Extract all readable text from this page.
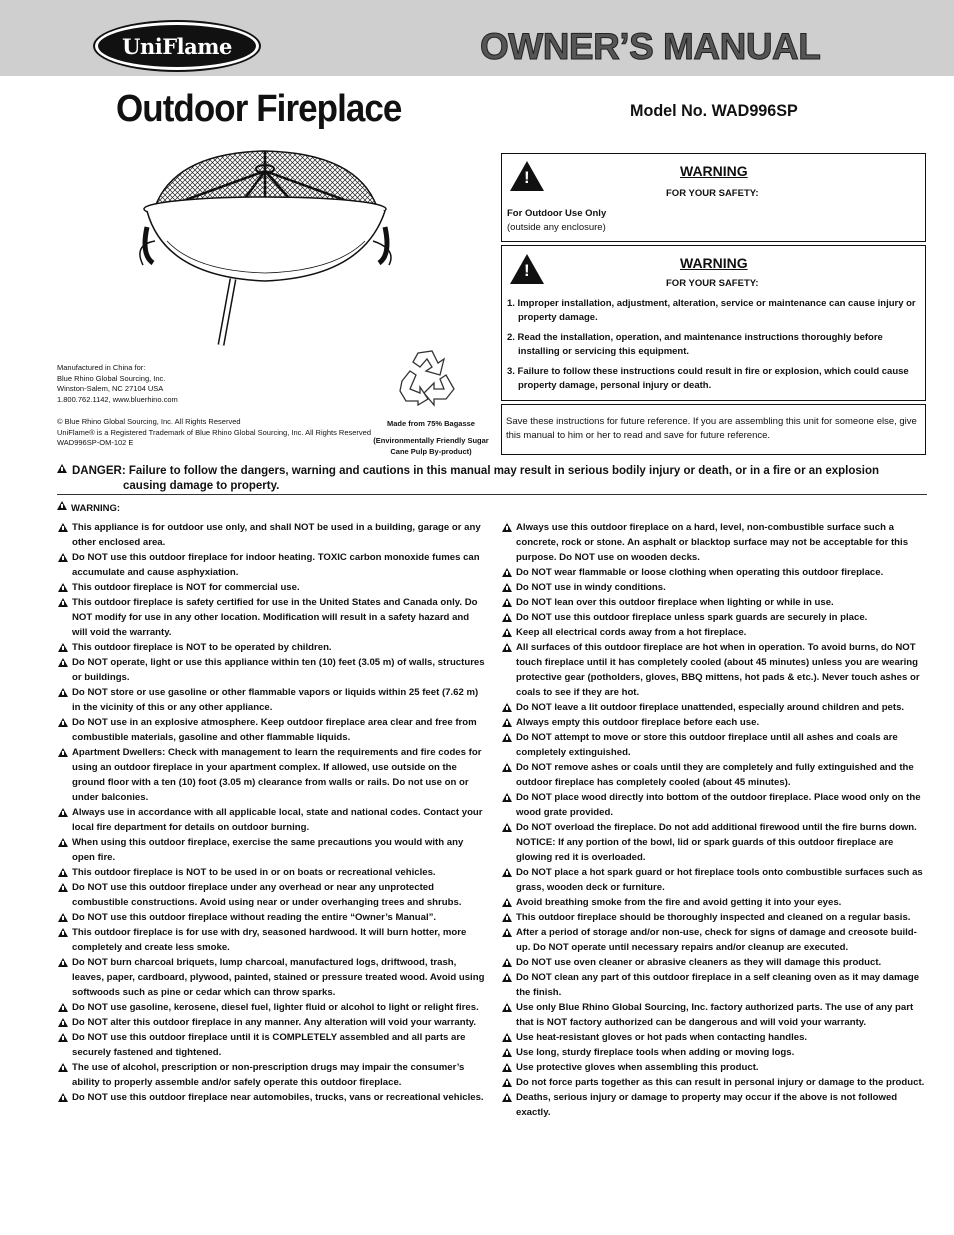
UniFlame	OWNER’S MANUAL
Outdoor Fireplace	Model No. WAD996SP
Manufactured in China for:
Blue Rhino Global Sourcing, Inc.
Winston-Salem, NC 27104 USA
1.800.762.1142, www.bluerhino.com
© Blue Rhino Global Sourcing, Inc. All Rights Reserved
UniFlame® is a Registered Trademark of Blue Rhino Global Sourcing, Inc. All Rights Reserved
WAD996SP-OM-102 E
Made from 75% Bagasse
(Environmentally Friendly Sugar
Cane Pulp By-product)
!
WARNING
FOR YOUR SAFETY:
For Outdoor Use Only
(outside any enclosure)
!
WARNING
FOR YOUR SAFETY:
1. Improper installation, adjustment, alteration, service or maintenance can cause injury or property damage.
2. Read the installation, operation, and maintenance instructions thoroughly before installing or servicing this equipment.
3. Failure to follow these instructions could result in fire or explosion, which could cause property damage, personal injury or death.
Save these instructions for future reference. If you are assembling this unit for someone else, give this manual to him or her to read and save for future reference.
DANGER: Failure to follow the dangers, warning and cautions in this manual may result in serious bodily injury or death, or in a fire or an explosion
causing damage to property.
WARNING:
This appliance is for outdoor use only, and shall NOT be used in a building, garage or any other enclosed area.
Do NOT use this outdoor fireplace for indoor heating. TOXIC carbon monoxide fumes can accumulate and cause asphyxiation.
This outdoor fireplace is NOT for commercial use.
This outdoor fireplace is safety certified for use in the United States and Canada only. Do NOT modify for use in any other location. Modification will result in a safety hazard and will void the warranty.
This outdoor fireplace is NOT to be operated by children.
Do NOT operate, light or use this appliance within ten (10) feet (3.05 m) of walls, structures or buildings.
Do NOT store or use gasoline or other flammable vapors or liquids within 25 feet (7.62 m) in the vicinity of this or any other appliance.
Do NOT use in an explosive atmosphere. Keep outdoor fireplace area clear and free from combustible materials, gasoline and other flammable liquids.
Apartment Dwellers: Check with management to learn the requirements and fire codes for using an outdoor fireplace in your apartment complex. If allowed, use outside on the ground floor with a ten (10) foot (3.05 m) clearance from walls or rails. Do not use on or under balconies.
Always use in accordance with all applicable local, state and national codes. Contact your local fire department for details on outdoor burning.
When using this outdoor fireplace, exercise the same precautions you would with any open fire.
This outdoor fireplace is NOT to be used in or on boats or recreational vehicles.
Do NOT use this outdoor fireplace under any overhead or near any unprotected combustible constructions. Avoid using near or under overhanging trees and shrubs.
Do NOT use this outdoor fireplace without reading the entire “Owner’s Manual”.
This outdoor fireplace is for use with dry, seasoned hardwood. It will burn hotter, more completely and create less smoke.
Do NOT burn charcoal briquets, lump charcoal, manufactured logs, driftwood, trash, leaves, paper, cardboard, plywood, painted, stained or pressure treated wood. Avoid using softwoods such as pine or cedar which can throw sparks.
Do NOT use gasoline, kerosene, diesel fuel, lighter fluid or alcohol to light or relight fires.
Do NOT alter this outdoor fireplace in any manner. Any alteration will void your warranty.
Do NOT use this outdoor fireplace until it is COMPLETELY assembled and all parts are securely fastened and tightened.
The use of alcohol, prescription or non-prescription drugs may impair the consumer’s ability to properly assemble and/or safely operate this outdoor fireplace.
Do NOT use this outdoor fireplace near automobiles, trucks, vans or recreational vehicles.
Always use this outdoor fireplace on a hard, level, non-combustible surface such a concrete, rock or stone. An asphalt or blacktop surface may not be acceptable for this purpose. Do NOT use on wooden decks.
Do NOT wear flammable or loose clothing when operating this outdoor fireplace.
Do NOT use in windy conditions.
Do NOT lean over this outdoor fireplace when lighting or while in use.
Do NOT use this outdoor fireplace unless spark guards are securely in place.
Keep all electrical cords away from a hot fireplace.
All surfaces of this outdoor fireplace are hot when in operation. To avoid burns, do NOT touch fireplace until it has completely cooled (about 45 minutes) unless you are wearing protective gear (potholders, gloves, BBQ mittens, hot pads & etc.). Never touch ashes or coals to see if they are hot.
Do NOT leave a lit outdoor fireplace unattended, especially around children and pets.
Always empty this outdoor fireplace before each use.
Do NOT attempt to move or store this outdoor fireplace until all ashes and coals are completely extinguished.
Do NOT remove ashes or coals until they are completely and fully extinguished and the outdoor fireplace has completely cooled (about 45 minutes).
Do NOT place wood directly into bottom of the outdoor fireplace. Place wood only on the wood grate provided.
Do NOT overload the fireplace. Do not add additional firewood until the fire burns down. NOTICE: If any portion of the bowl, lid or spark guards of this outdoor fireplace are glowing red it is overloaded.
Do NOT place a hot spark guard or hot fireplace tools onto combustible surfaces such as grass, wooden deck or furniture.
Avoid breathing smoke from the fire and avoid getting it into your eyes.
This outdoor fireplace should be thoroughly inspected and cleaned on a regular basis.
After a period of storage and/or non-use, check for signs of damage and creosote build-up. Do NOT operate until necessary repairs and/or cleanup are executed.
Do NOT use oven cleaner or abrasive cleaners as they will damage this product.
Do NOT clean any part of this outdoor fireplace in a self cleaning oven as it may damage the finish.
Use only Blue Rhino Global Sourcing, Inc. factory authorized parts. The use of any part that is NOT factory authorized can be dangerous and will void your warranty.
Use heat-resistant gloves or hot pads when contacting handles.
Use long, sturdy fireplace tools when adding or moving logs.
Use protective gloves when assembling this product.
Do not force parts together as this can result in personal injury or damage to the product.
Deaths, serious injury or damage to property may occur if the above is not followed exactly.
